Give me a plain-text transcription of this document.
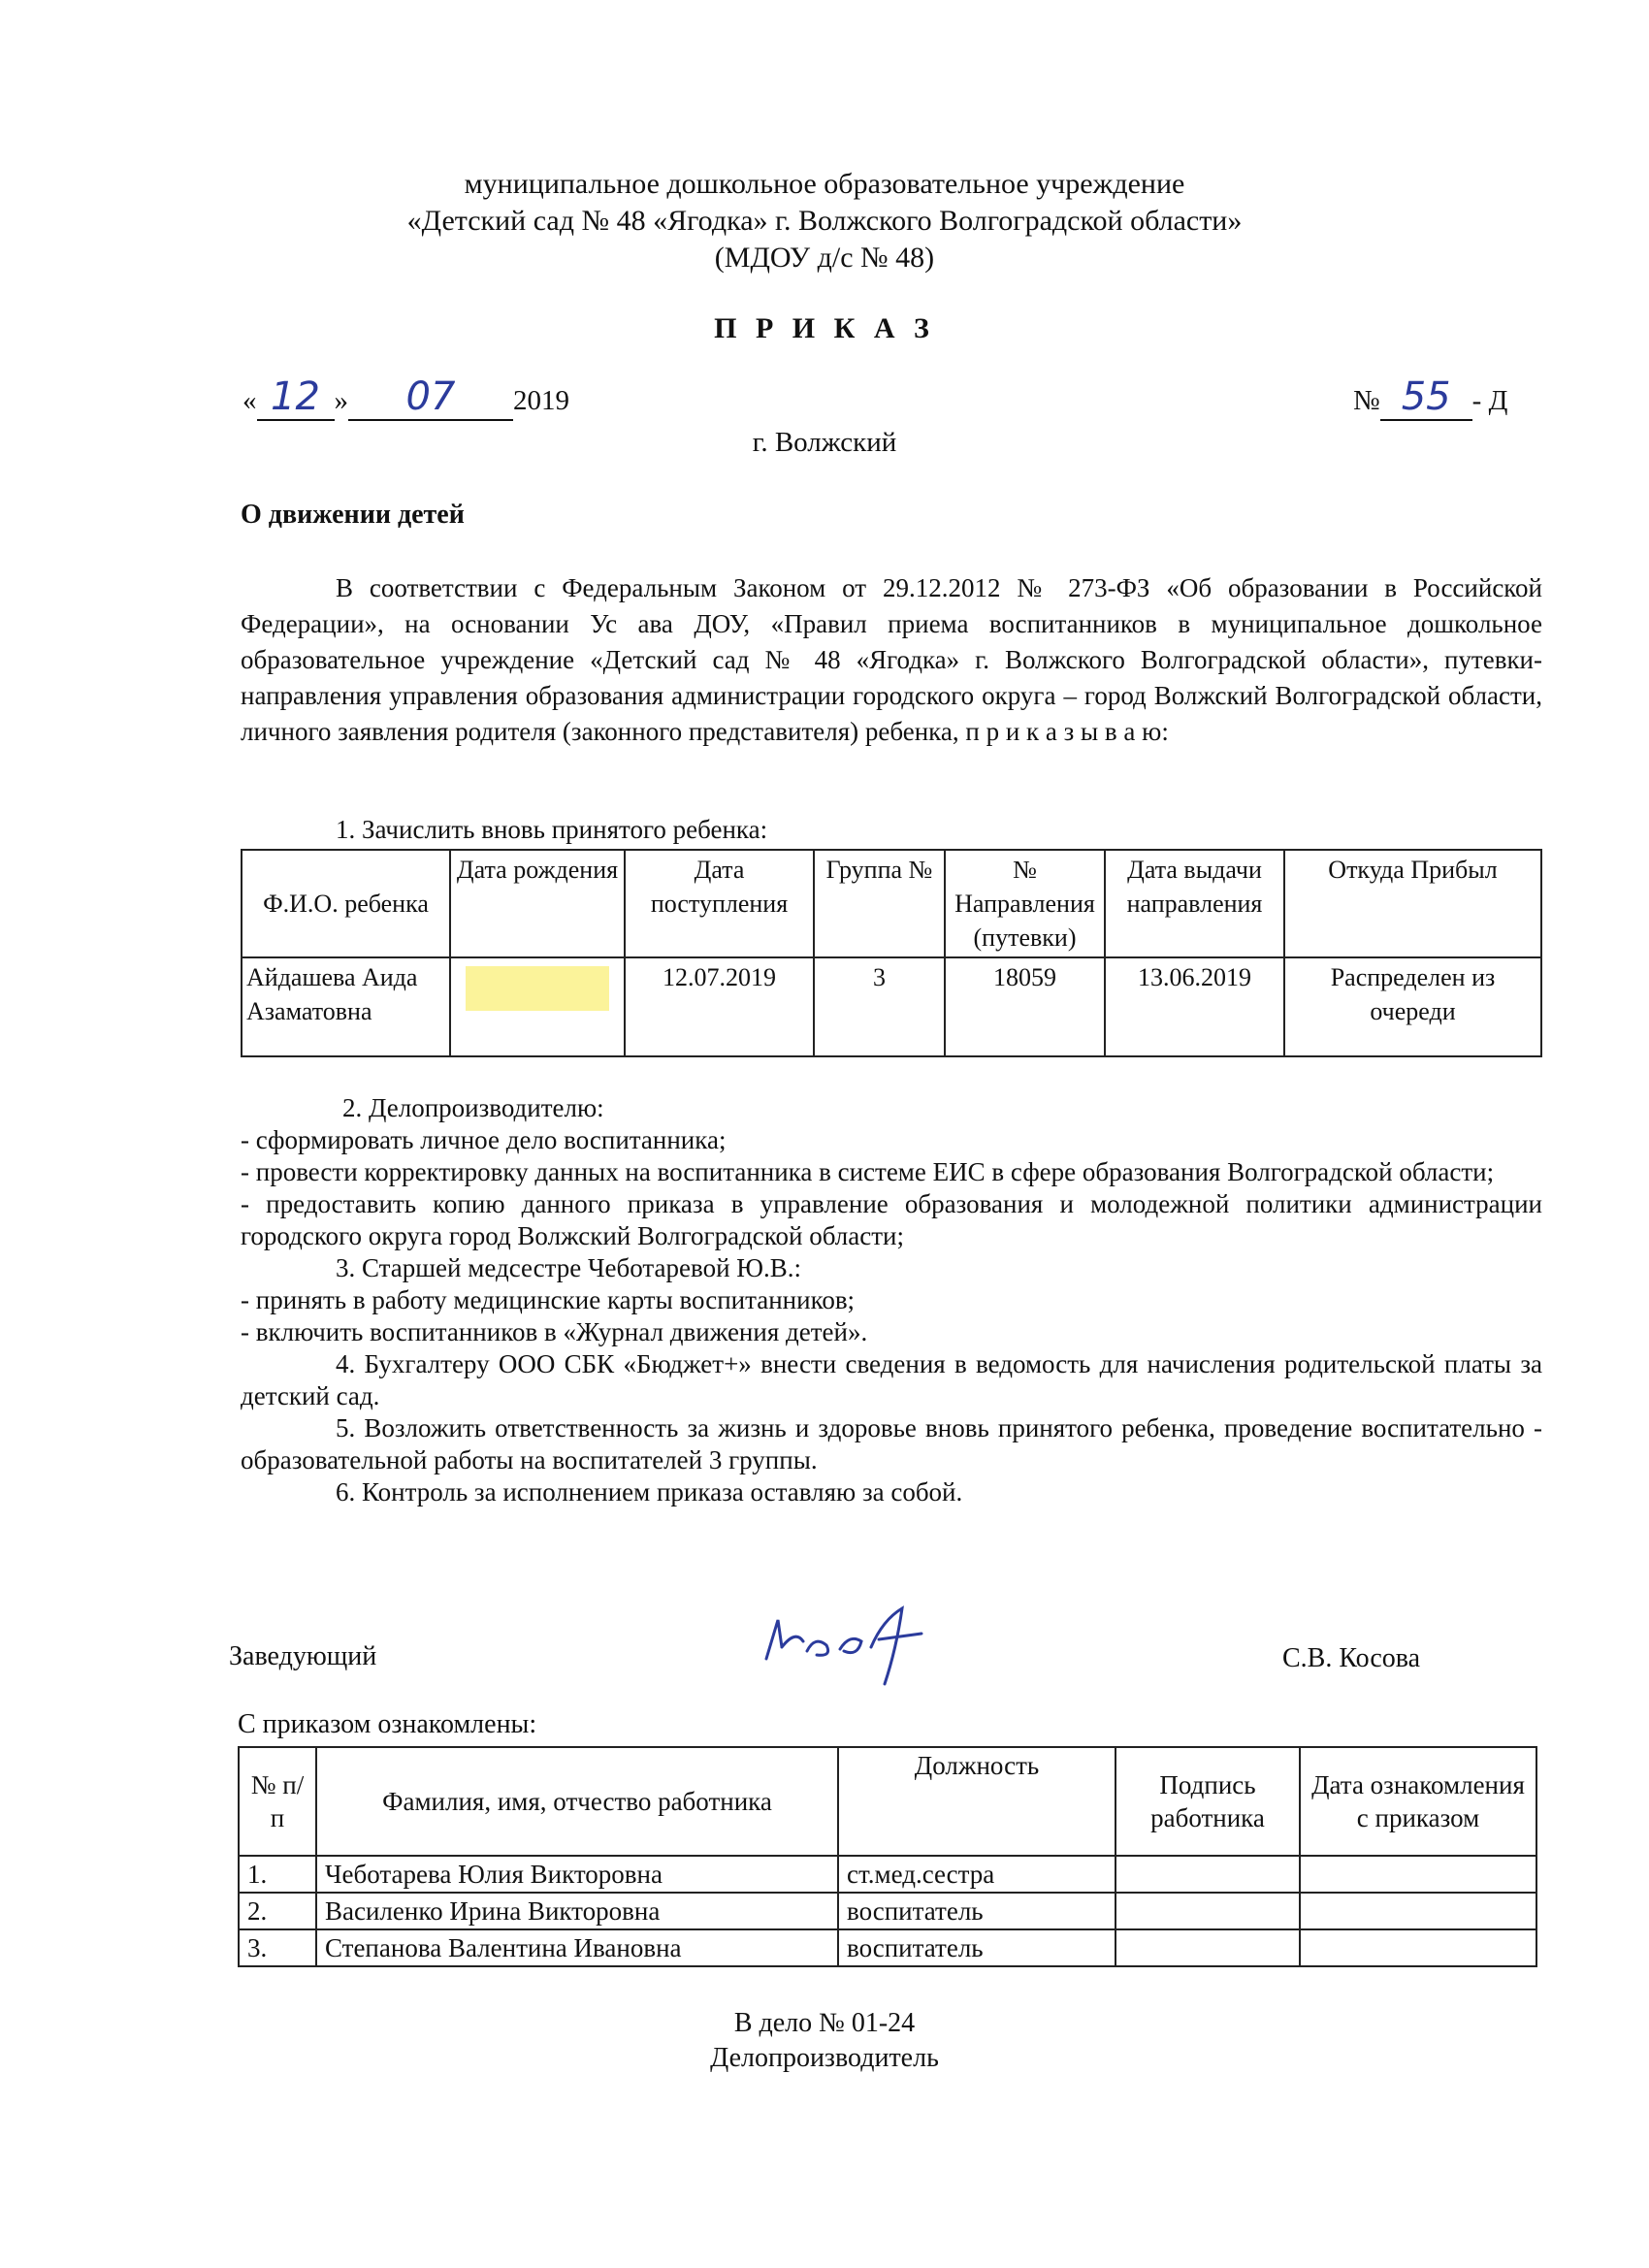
муниципальное дошкольное образовательное учреждение
«Детский сад № 48 «Ягодка» г. Волжского Волгоградской области»
(МДОУ д/с № 48)
П Р И К А З
« 12 » 07 2019	№ 55 - Д
г. Волжский
О движении детей
В соответствии с Федеральным Законом от 29.12.2012 № 273-ФЗ «Об образовании в Российской Федерации», на основании Ус ава ДОУ, «Правил приема воспитанников в муниципальное дошкольное образовательное учреждение «Детский сад № 48 «Ягодка» г. Волжского Волгоградской области», путевки-направления управления образования администрации городского округа – город Волжский Волгоградской области, личного заявления родителя (законного представителя) ребенка, п р и к а з ы в а ю:
1. Зачислить вновь принятого ребенка:
Ф.И.О. ребенка	Дата рождения	Дата поступления	Группа №	№ Направления (путевки)	Дата выдачи направления	Откуда Прибыл
Айдашева Аида Азаматовна		12.07.2019	3	18059	13.06.2019	Распределен из очереди
2. Делопроизводителю:
- сформировать личное дело воспитанника;
- провести корректировку данных на воспитанника в системе ЕИС в сфере образования Волгоградской области;
- предоставить копию данного приказа в управление образования и молодежной политики администрации городского округа город Волжский Волгоградской области;
3. Старшей медсестре Чеботаревой Ю.В.:
- принять в работу медицинские карты воспитанников;
- включить воспитанников в «Журнал движения детей».
4. Бухгалтеру ООО СБК «Бюджет+» внести сведения в ведомость для начисления родительской платы за детский сад.
5. Возложить ответственность за жизнь и здоровье вновь принятого ребенка, проведение воспитательно - образовательной работы на воспитателей 3 группы.
6. Контроль за исполнением приказа оставляю за собой.
Заведующий	С.В. Косова
С приказом ознакомлены:
№ п/п	Фамилия, имя, отчество работника	Должность	Подпись работника	Дата ознакомления с приказом
1.	Чеботарева Юлия Викторовна	ст.мед.сестра		
2.	Василенко Ирина Викторовна	воспитатель		
3.	Степанова Валентина Ивановна	воспитатель		
В дело № 01-24
Делопроизводитель
